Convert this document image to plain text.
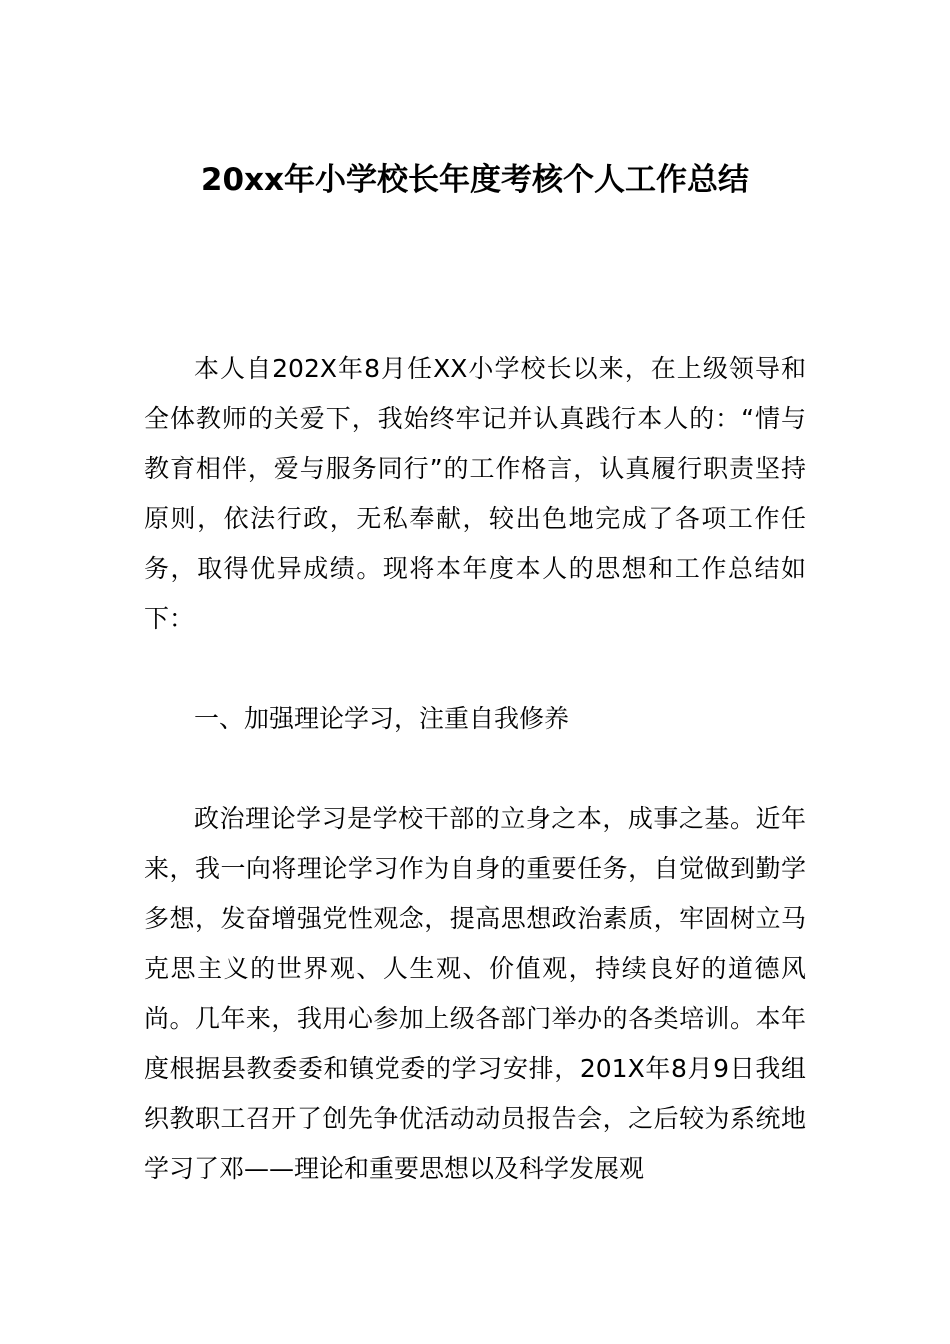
20xx年小学校长年度考核个人工作总结

本人自202X年8月任XX小学校长以来，在上级领导和全体教师的关爱下，我始终牢记并认真践行本人的：“情与教育相伴，爱与服务同行”的工作格言，认真履行职责坚持原则，依法行政，无私奉献，较出色地完成了各项工作任务，取得优异成绩。现将本年度本人的思想和工作总结如下：

一、加强理论学习，注重自我修养

政治理论学习是学校干部的立身之本，成事之基。近年来，我一向将理论学习作为自身的重要任务，自觉做到勤学多想，发奋增强党性观念，提高思想政治素质，牢固树立马克思主义的世界观、人生观、价值观，持续良好的道德风尚。几年来，我用心参加上级各部门举办的各类培训。本年度根据县教委委和镇党委的学习安排，201X年8月9日我组织教职工召开了创先争优活动动员报告会，之后较为系统地学习了邓——理论和重要思想以及科学发展观
